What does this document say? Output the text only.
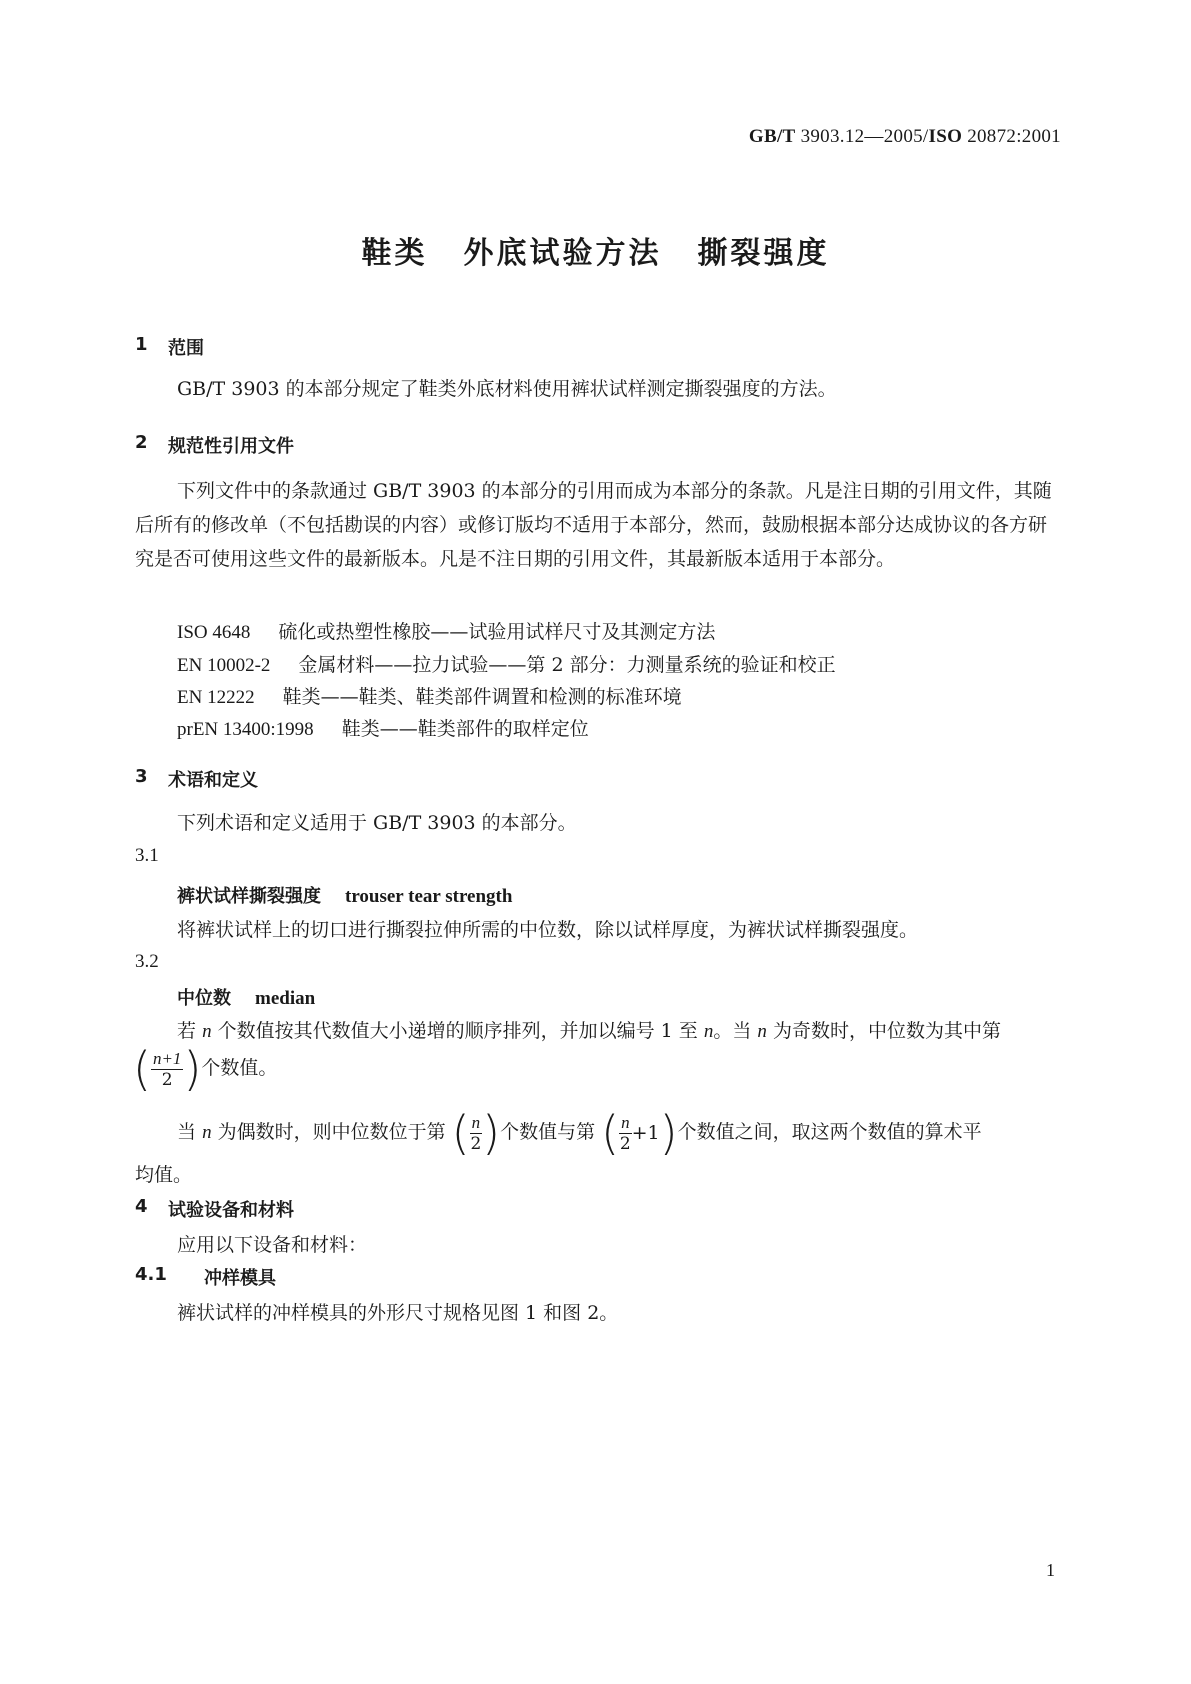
GB/T 3903.12—2005/ISO 20872:2001
鞋类 外底试验方法 撕裂强度
1 范围
GB/T 3903 的本部分规定了鞋类外底材料使用裤状试样测定撕裂强度的方法。
2 规范性引用文件
下列文件中的条款通过 GB/T 3903 的本部分的引用而成为本部分的条款。凡是注日期的引用文件，其随后所有的修改单（不包括勘误的内容）或修订版均不适用于本部分，然而，鼓励根据本部分达成协议的各方研究是否可使用这些文件的最新版本。凡是不注日期的引用文件，其最新版本适用于本部分。
ISO 4648 硫化或热塑性橡胶——试验用试样尺寸及其测定方法
EN 10002-2 金属材料——拉力试验——第 2 部分：力测量系统的验证和校正
EN 12222 鞋类——鞋类、鞋类部件调置和检测的标准环境
prEN 13400:1998 鞋类——鞋类部件的取样定位
3 术语和定义
下列术语和定义适用于 GB/T 3903 的本部分。
3.1
裤状试样撕裂强度 trouser tear strength
将裤状试样上的切口进行撕裂拉伸所需的中位数，除以试样厚度，为裤状试样撕裂强度。
3.2
中位数 median
若 n 个数值按其代数值大小递增的顺序排列，并加以编号 1 至 n。当 n 为奇数时，中位数为其中第
( n+1
2 ) 个数值。
当 n 为偶数时，则中位数位于第 ( n
2 ) 个数值与第 ( n
2 +1 ) 个数值之间，取这两个数值的算术平
均值。
4 试验设备和材料
应用以下设备和材料：
4.1 冲样模具
裤状试样的冲样模具的外形尺寸规格见图 1 和图 2。
1
